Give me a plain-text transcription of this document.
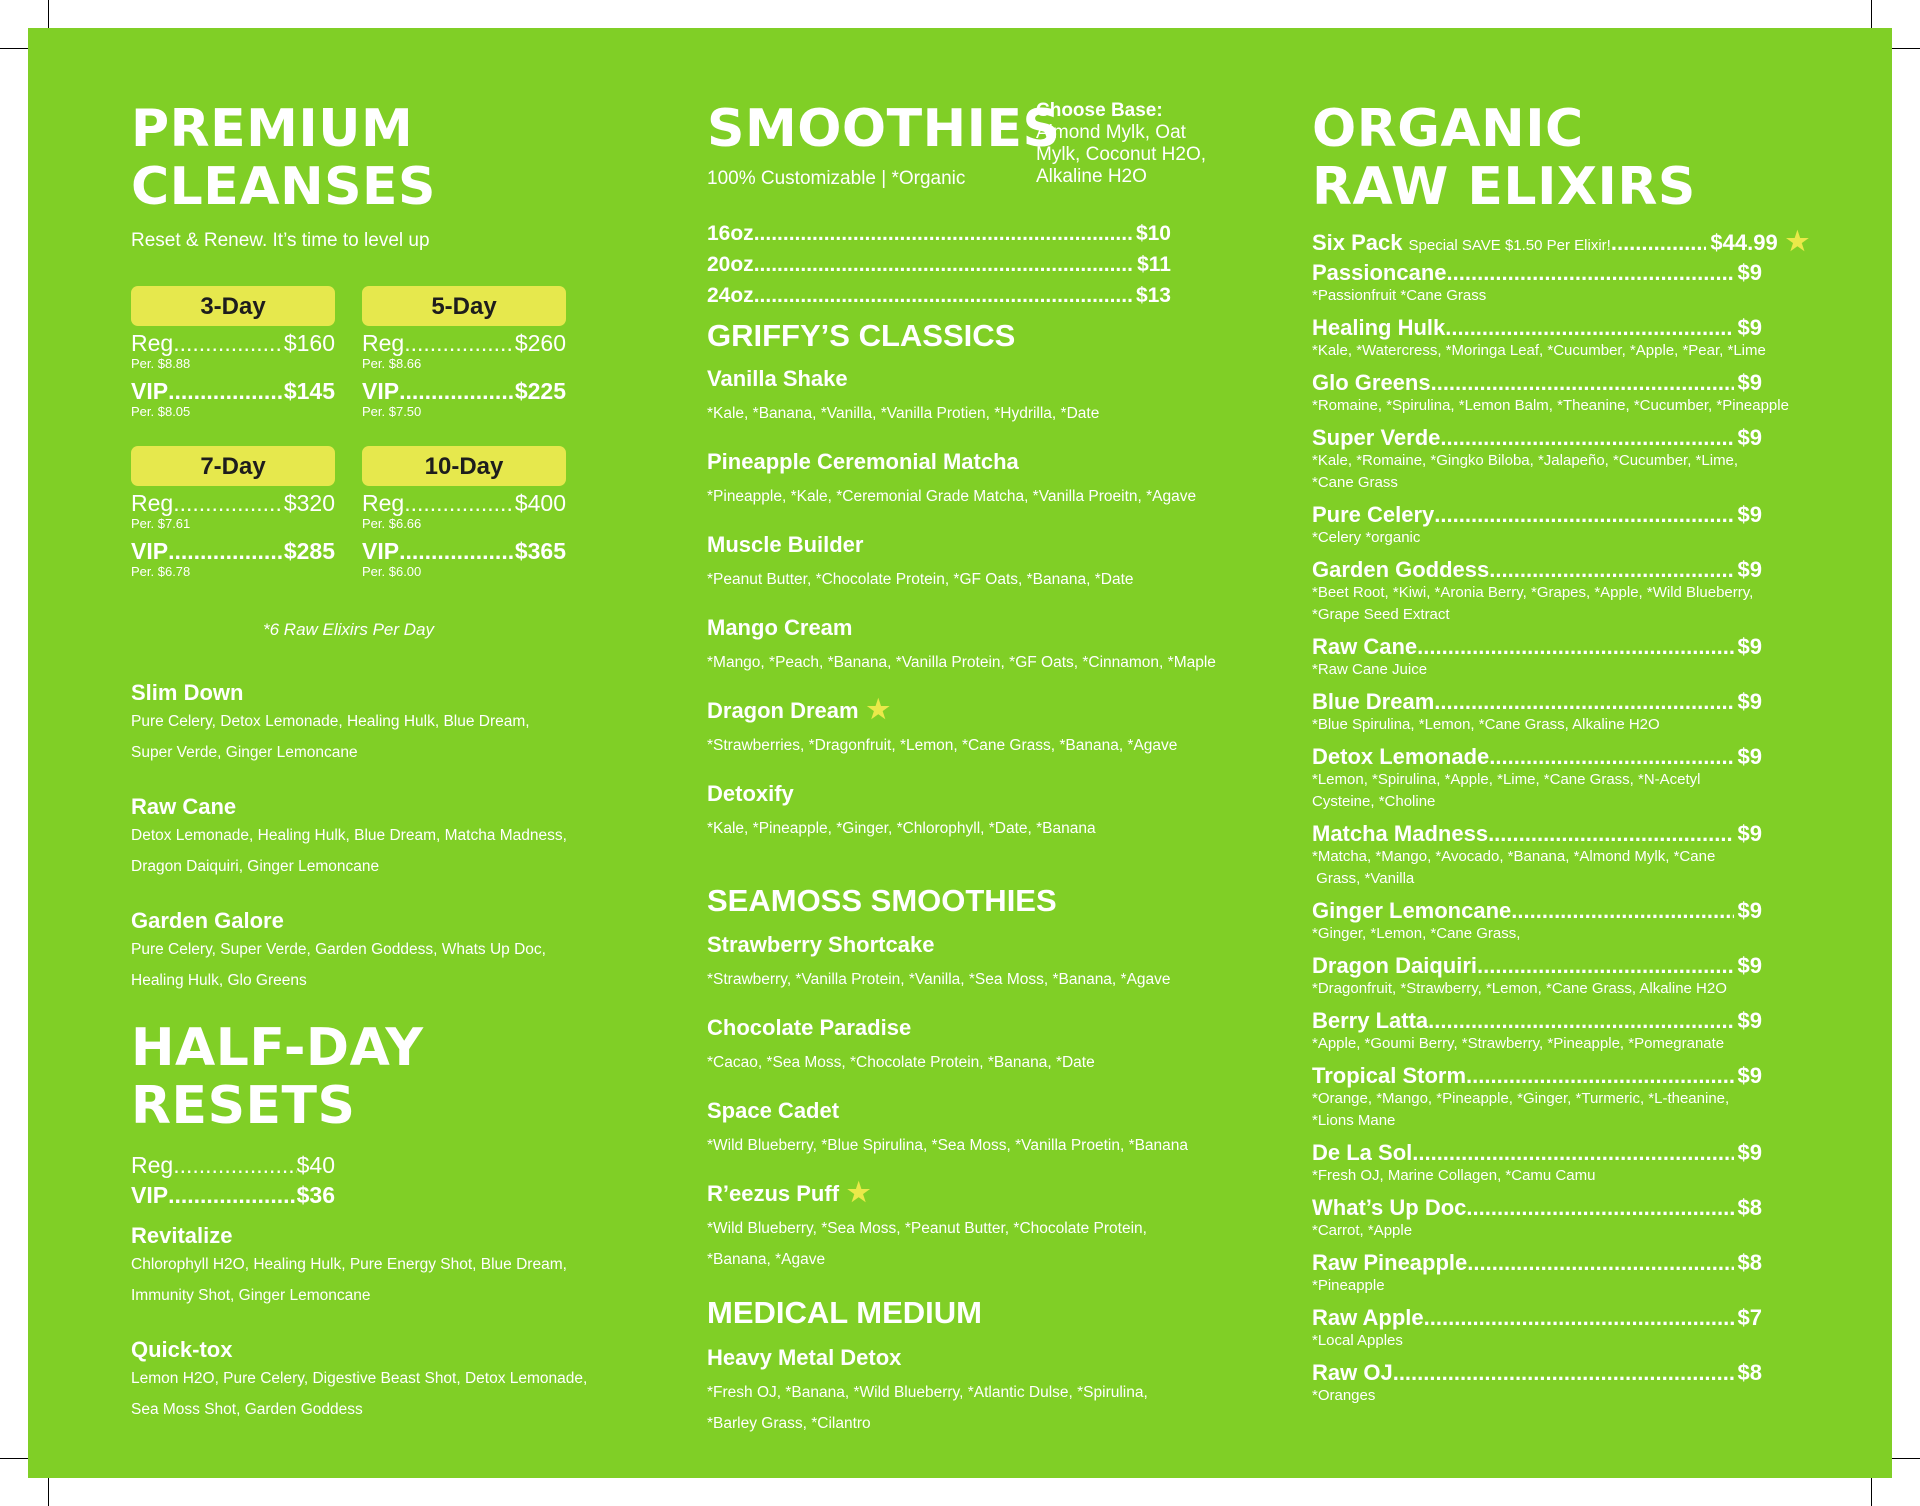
PREMIUM
CLEANSES
Reset & Renew. It’s time to level up
3-Day
Reg. .....	$160
Per. $8.88
VIP .....	$145
Per. $8.05
5-Day
Reg. .....	$260
Per. $8.66
VIP .....	$225
Per. $7.50
7-Day
Reg. .....	$320
Per. $7.61
VIP .....	$285
Per. $6.78
10-Day
Reg. .....	$400
Per. $6.66
VIP .....	$365
Per. $6.00
*6 Raw Elixirs Per Day
Slim Down
Pure Celery, Detox Lemonade, Healing Hulk, Blue Dream,
Super Verde, Ginger Lemoncane
Raw Cane
Detox Lemonade, Healing Hulk, Blue Dream, Matcha Madness,
Dragon Daiquiri, Ginger Lemoncane
Garden Galore
Pure Celery, Super Verde, Garden Goddess, Whats Up Doc,
Healing Hulk, Glo Greens
HALF-DAY
RESETS
Reg. .....	$40
VIP .....	$36
Revitalize
Chlorophyll H2O, Healing Hulk, Pure Energy Shot, Blue Dream,
Immunity Shot, Ginger Lemoncane
Quick-tox
Lemon H2O, Pure Celery, Digestive Beast Shot, Detox Lemonade,
Sea Moss Shot, Garden Goddess
SMOOTHIES
100% Customizable | *Organic
Choose Base:
Almond Mylk, Oat
Mylk, Coconut H2O,
Alkaline H2O
16oz .....	$10
20oz .....	$11
24oz .....	$13
GRIFFY’S CLASSICS
Vanilla Shake
*Kale, *Banana, *Vanilla, *Vanilla Protien, *Hydrilla, *Date
Pineapple Ceremonial Matcha
*Pineapple, *Kale, *Ceremonial Grade Matcha, *Vanilla Proeitn, *Agave
Muscle Builder
*Peanut Butter, *Chocolate Protein, *GF Oats, *Banana, *Date
Mango Cream
*Mango, *Peach, *Banana, *Vanilla Protein, *GF Oats, *Cinnamon, *Maple
Dragon Dream ★
*Strawberries, *Dragonfruit, *Lemon, *Cane Grass, *Banana, *Agave
Detoxify
*Kale, *Pineapple, *Ginger, *Chlorophyll, *Date, *Banana
SEAMOSS SMOOTHIES
Strawberry Shortcake
*Strawberry, *Vanilla Protein, *Vanilla, *Sea Moss, *Banana, *Agave
Chocolate Paradise
*Cacao, *Sea Moss, *Chocolate Protein, *Banana, *Date
Space Cadet
*Wild Blueberry, *Blue Spirulina, *Sea Moss, *Vanilla Proetin, *Banana
R’eezus Puff ★
*Wild Blueberry, *Sea Moss, *Peanut Butter, *Chocolate Protein,
*Banana, *Agave
MEDICAL MEDIUM
Heavy Metal Detox
*Fresh OJ, *Banana, *Wild Blueberry, *Atlantic Dulse, *Spirulina,
*Barley Grass, *Cilantro
ORGANIC
RAW ELIXIRS
Six Pack Special SAVE $1.50 Per Elixir! .....	$44.99 ★
Passioncane .....	$9
*Passionfruit *Cane Grass
Healing Hulk .....	$9
*Kale, *Watercress, *Moringa Leaf, *Cucumber, *Apple, *Pear, *Lime
Glo Greens .....	$9
*Romaine, *Spirulina, *Lemon Balm, *Theanine, *Cucumber, *Pineapple
Super Verde .....	$9
*Kale, *Romaine, *Gingko Biloba, *Jalapeño, *Cucumber, *Lime,
*Cane Grass
Pure Celery .....	$9
*Celery *organic
Garden Goddess .....	$9
*Beet Root, *Kiwi, *Aronia Berry, *Grapes, *Apple, *Wild Blueberry,
*Grape Seed Extract
Raw Cane .....	$9
*Raw Cane Juice
Blue Dream .....	$9
*Blue Spirulina, *Lemon, *Cane Grass, Alkaline H2O
Detox Lemonade .....	$9
*Lemon, *Spirulina, *Apple, *Lime, *Cane Grass, *N-Acetyl
Cysteine, *Choline
Matcha Madness .....	$9
*Matcha, *Mango, *Avocado, *Banana, *Almond Mylk, *Cane
Grass, *Vanilla
Ginger Lemoncane .....	$9
*Ginger, *Lemon, *Cane Grass,
Dragon Daiquiri .....	$9
*Dragonfruit, *Strawberry, *Lemon, *Cane Grass, Alkaline H2O
Berry Latta .....	$9
*Apple, *Goumi Berry, *Strawberry, *Pineapple, *Pomegranate
Tropical Storm .....	$9
*Orange, *Mango, *Pineapple, *Ginger, *Turmeric, *L-theanine,
*Lions Mane
De La Sol .....	$9
*Fresh OJ, Marine Collagen, *Camu Camu
What’s Up Doc .....	$8
*Carrot, *Apple
Raw Pineapple .....	$8
*Pineapple
Raw Apple .....	$7
*Local Apples
Raw OJ .....	$8
*Oranges
